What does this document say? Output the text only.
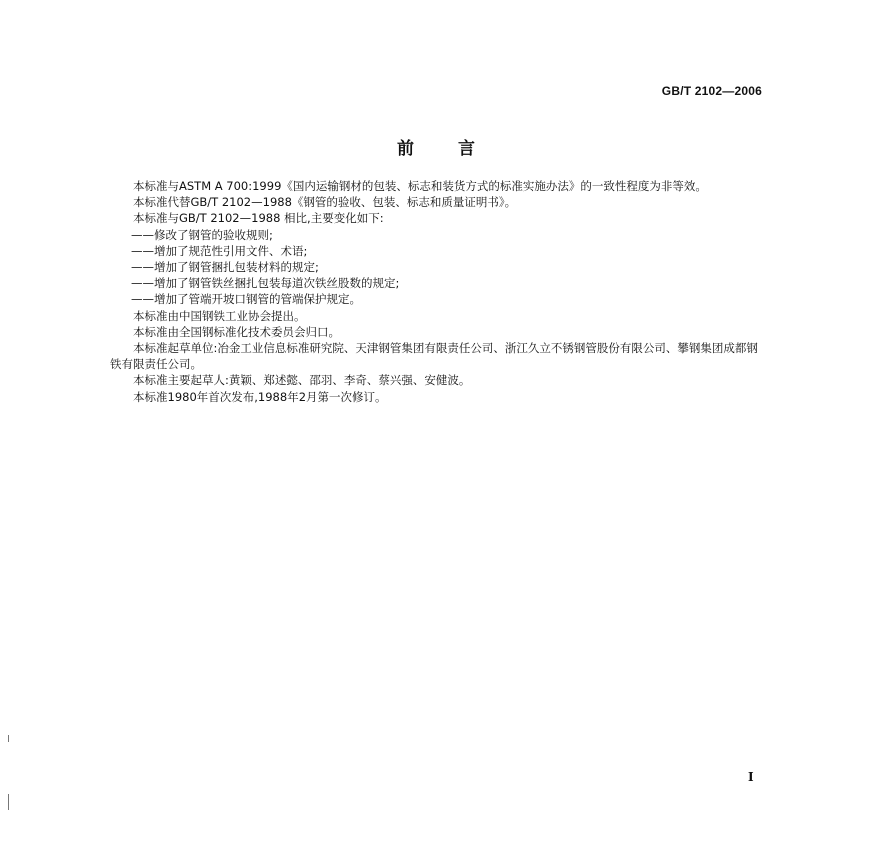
GB/T 2102—2006
前言

本标准与ASTM A 700:1999《国内运输钢材的包装、标志和装货方式的标准实施办法》的一致性程度为非等效。

本标准代替GB/T 2102—1988《钢管的验收、包装、标志和质量证明书》。

本标准与GB/T 2102—1988 相比,主要变化如下:

——修改了钢管的验收规则;

——增加了规范性引用文件、术语;

——增加了钢管捆扎包装材料的规定;

——增加了钢管铁丝捆扎包装每道次铁丝股数的规定;

——增加了管端开坡口钢管的管端保护规定。

本标准由中国钢铁工业协会提出。

本标准由全国钢标准化技术委员会归口。

本标准起草单位:冶金工业信息标准研究院、天津钢管集团有限责任公司、浙江久立不锈钢管股份有限公司、攀钢集团成都钢铁有限责任公司。

本标准主要起草人:黄颖、郑述懿、邵羽、李奇、蔡兴强、安健波。

本标准1980年首次发布,1988年2月第一次修订。

I
